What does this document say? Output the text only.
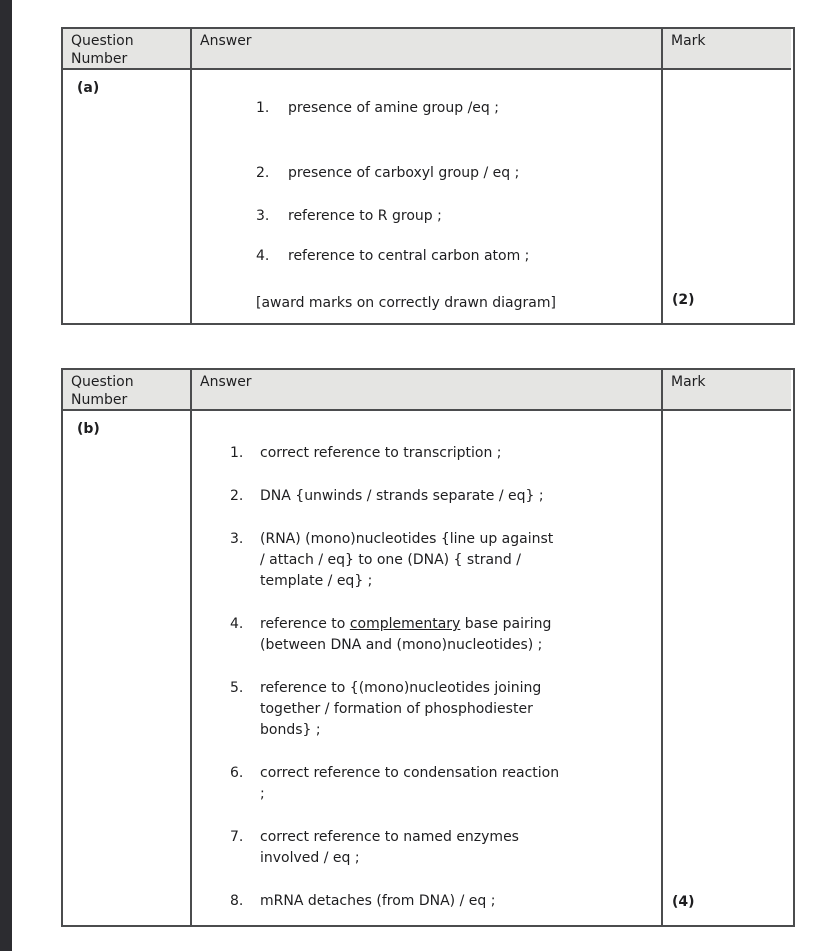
Question Number
Answer	Mark
(a)
1.	presence of amine group /eq ;
2.	presence of carboxyl group / eq ;
3.	reference to R group ;
4.	reference to central carbon atom ;
[award marks on correctly drawn diagram]	(2)
Question Number
Answer	Mark
(b)
1.	correct reference to transcription ;
2.	DNA {unwinds / strands separate / eq} ;
3.	(RNA) (mono)nucleotides {line up against
/ attach / eq} to one (DNA) { strand /
template / eq} ;
4.	reference to complementary base pairing
(between DNA and (mono)nucleotides) ;
5.	reference to {(mono)nucleotides joining
together / formation of phosphodiester
bonds} ;
6.	correct reference to condensation reaction
;
7.	correct reference to named enzymes
involved / eq ;
8.	mRNA detaches (from DNA) / eq ;	(4)
